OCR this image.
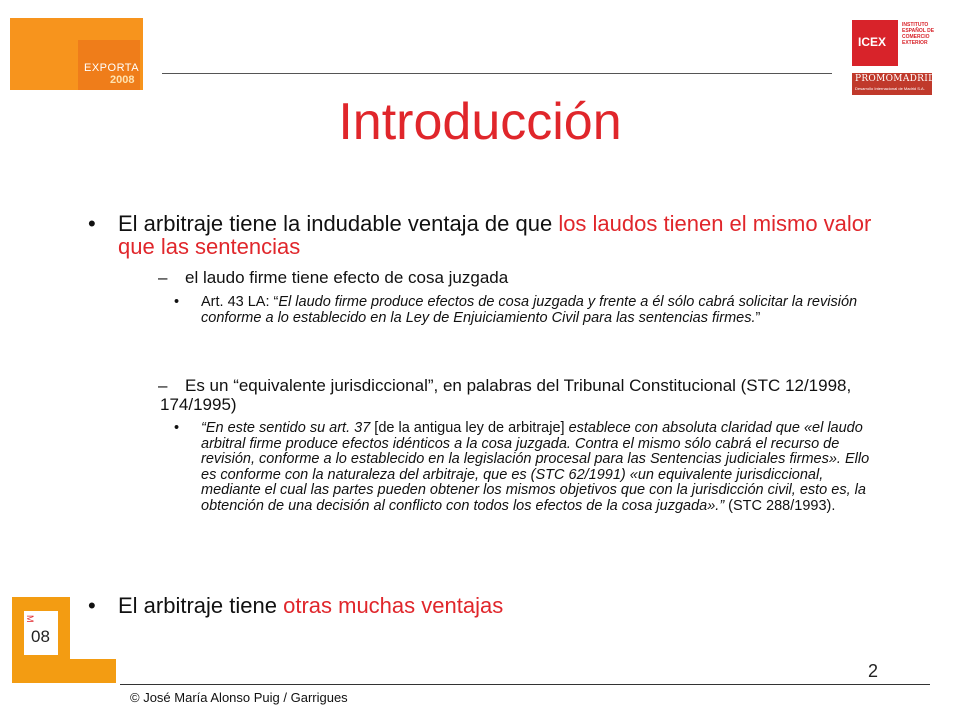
EXPORTA
2008
ICEX
INSTITUTO ESPAÑOL DE COMERCIO EXTERIOR
PROMOMADRID
Desarrollo Internacional de Madrid S.A.
Introducción
• El arbitraje tiene la indudable ventaja de que los laudos tienen el mismo valor que las sentencias
– el laudo firme tiene efecto de cosa juzgada
• Art. 43 LA: “El laudo firme produce efectos de cosa juzgada y frente a él sólo cabrá solicitar la revisión conforme a lo establecido en la Ley de Enjuiciamiento Civil para las sentencias firmes.”
–	Es un “equivalente jurisdiccional”, en palabras del Tribunal Constitucional (STC 12/1998, 174/1995)
• “En este sentido su art. 37 [de la antigua ley de arbitraje] establece con absoluta claridad que «el laudo arbitral firme produce efectos idénticos a la cosa juzgada. Contra el mismo sólo cabrá el recurso de revisión, conforme a lo establecido en la legislación procesal para las Sentencias judiciales firmes». Ello es conforme con la naturaleza del arbitraje, que es (STC 62/1991) «un equivalente jurisdiccional, mediante el cual las partes pueden obtener los mismos objetivos que con la jurisdicción civil, esto es, la obtención de una decisión al conflicto con todos los efectos de la cosa juzgada».” (STC 288/1993).
• El arbitraje tiene otras muchas ventajas
M
08
2
© José María Alonso Puig / Garrigues
